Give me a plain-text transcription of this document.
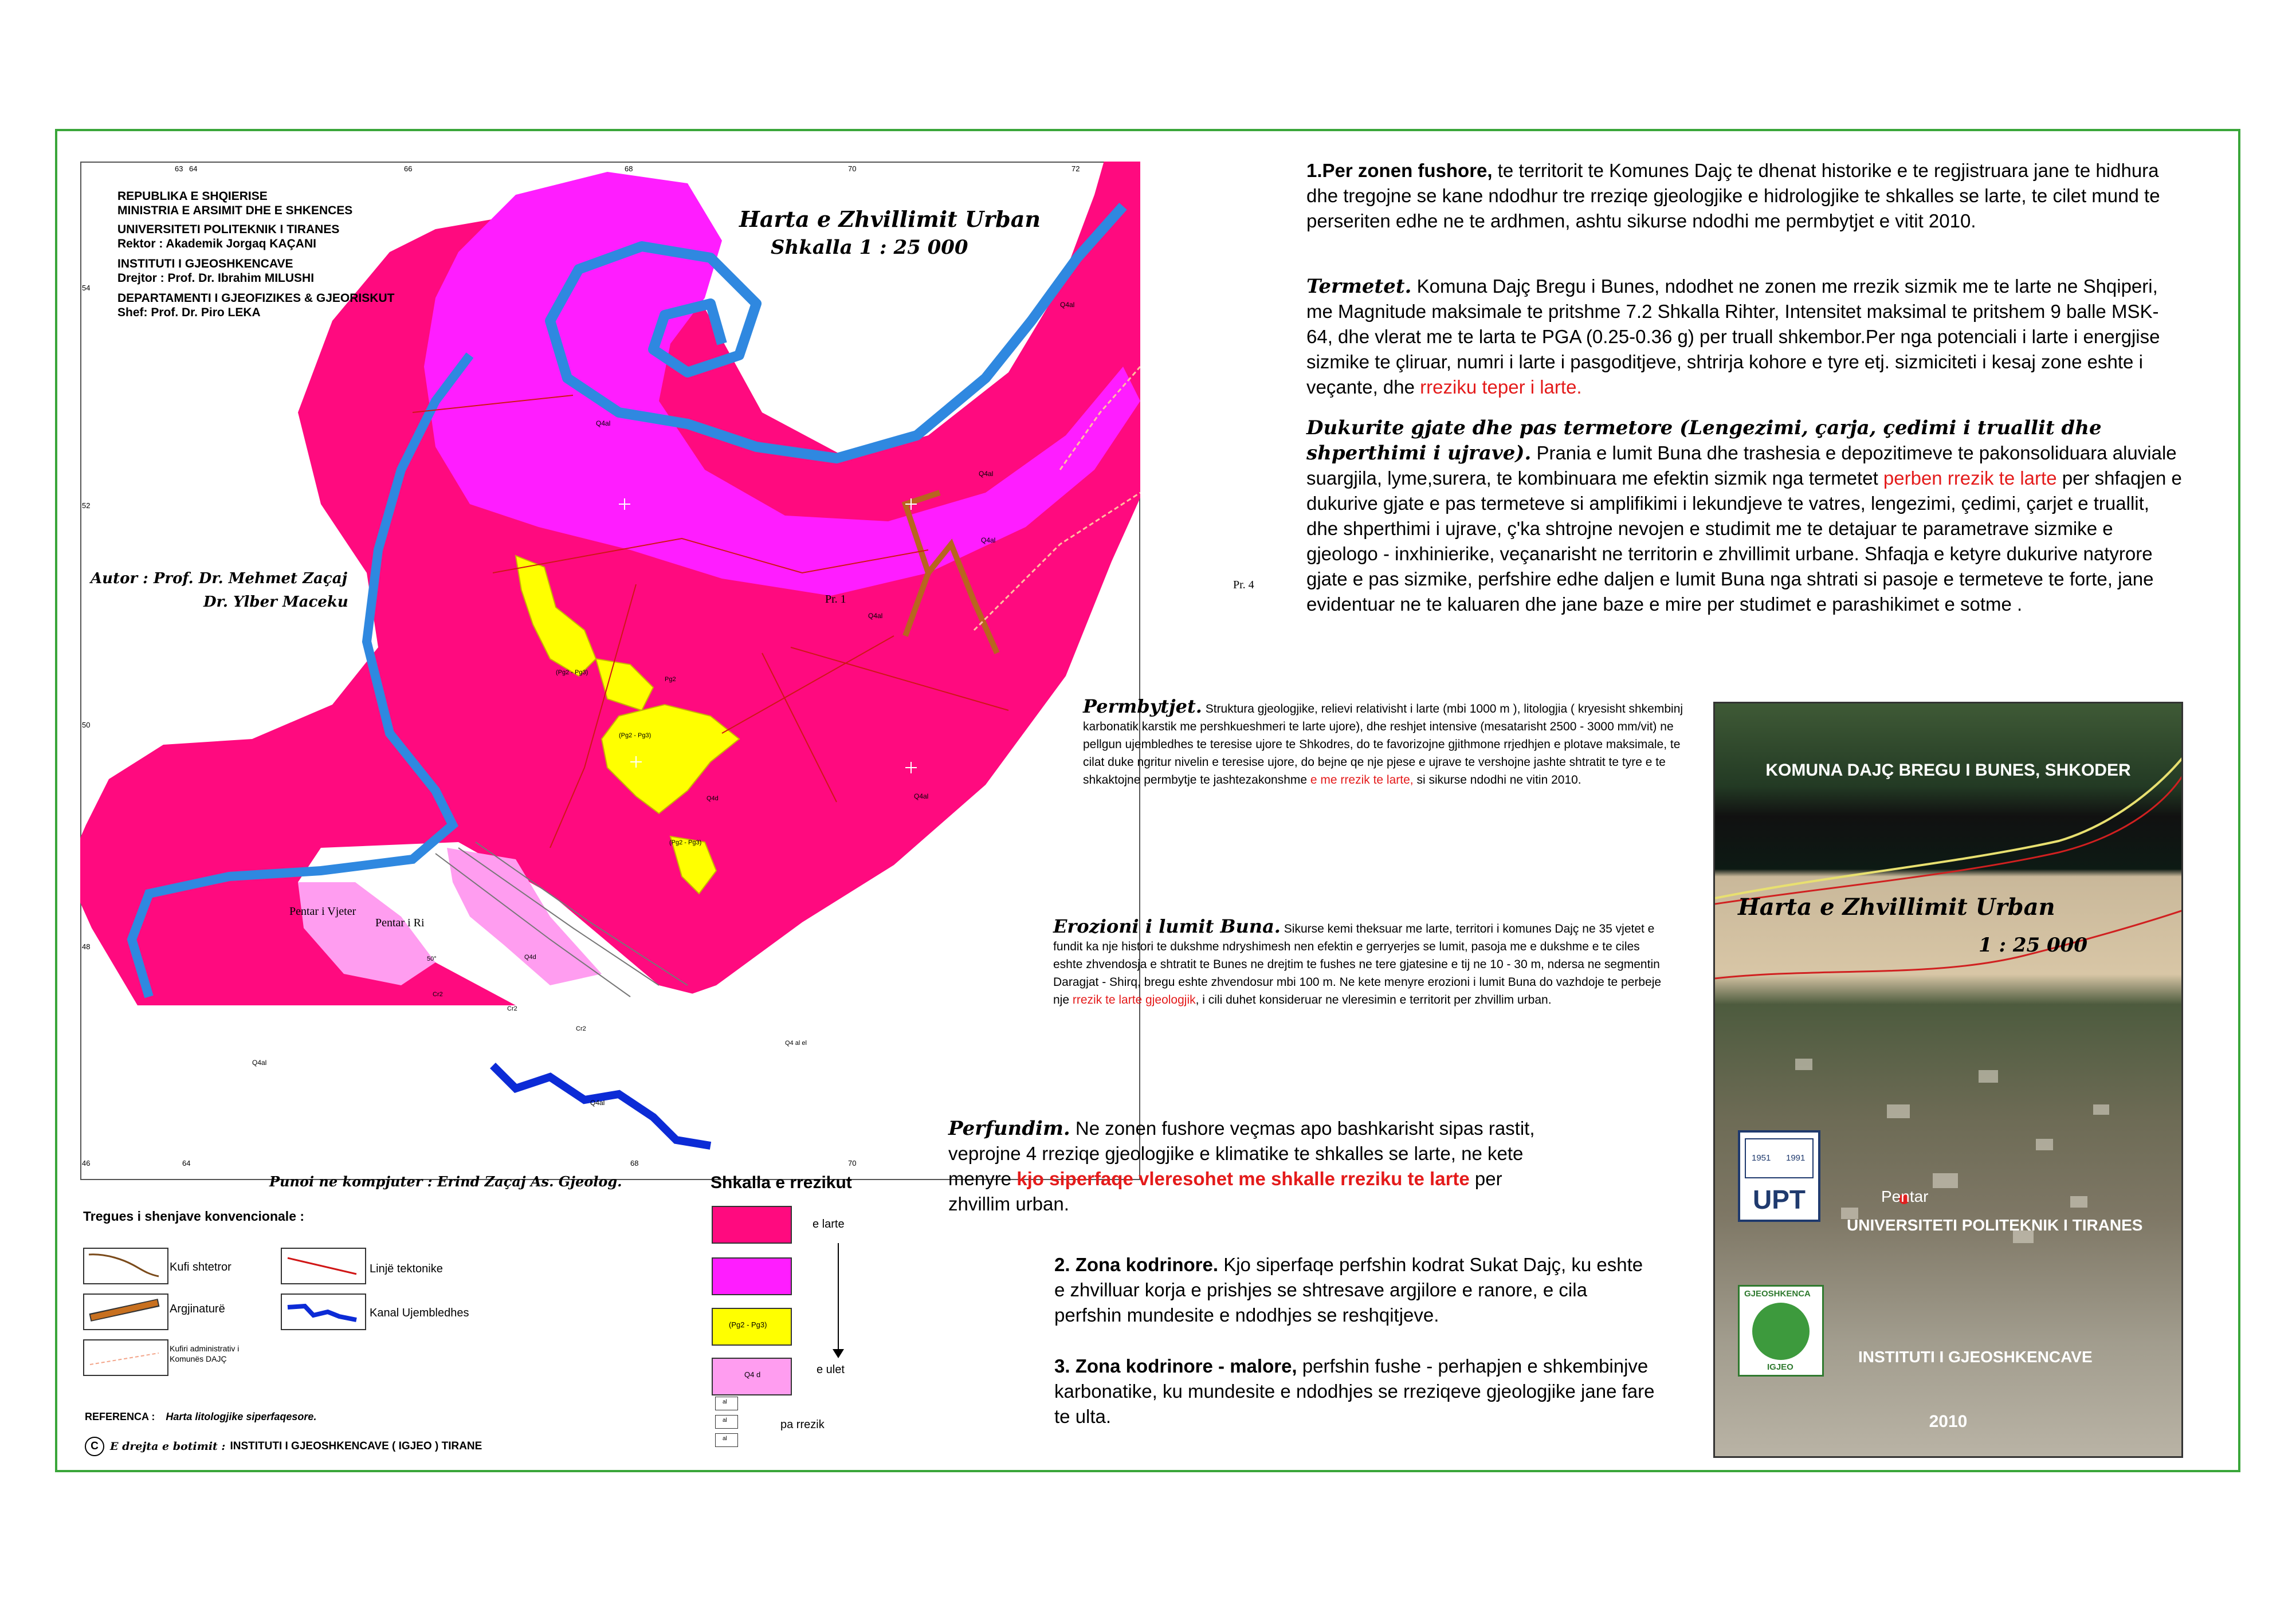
63 64	66	68	70	72
46	64	68	70
54
52
50
48
REPUBLIKA E SHQIERISE
MINISTRIA E ARSIMIT DHE E SHKENCES
UNIVERSITETI POLITEKNIK I TIRANES
Rektor : Akademik Jorgaq KAÇANI
INSTITUTI I GJEOSHKENCAVE
Drejtor : Prof. Dr. Ibrahim MILUSHI
DEPARTAMENTI I GJEOFIZIKES & GJEORISKUT
Shef: Prof. Dr. Piro LEKA
Harta e Zhvillimit Urban
Shkalla 1 : 25 000
Autor : Prof. Dr. Mehmet Zaçaj
Dr. Ylber Maceku
Pentar i Vjeter
Pentar i Ri
Pr. 1
Pr. 4
Q4al
Q4al
Q4al
Q4al
Q4al
Q4al
Q4al
Q4al
(Pg2 - Pg3)
(Pg2 - Pg3)
(Pg2 - Pg3)
Pg2
Q4d
Q4d
Cr2
Cr2
Cr2
50°
Q4 al el
Punoi ne kompjuter : Erind Zaçaj As. Gjeolog.
Tregues i shenjave konvencionale :
Kufi shtetror	Linjë tektonike
Argjinaturë	Kanal Ujembledhes
Kufiri administrativ i Komunës DAJÇ
REFERENCA : Harta litologjike siperfaqesore.
C	E drejta e botimit : INSTITUTI I GJEOSHKENCAVE ( IGJEO ) TIRANE
Shkalla e rrezikut
e larte
(Pg2 - Pg3)
Q4 d	e ulet
al
al
al
pa rrezik
1.Per zonen fushore, te territorit te Komunes Dajç te dhenat historike e te regjistruara jane te hidhura dhe tregojne se kane ndodhur tre rreziqe gjeologjike e hidrologjike te shkalles se larte, te cilet mund te perseriten edhe ne te ardhmen, ashtu sikurse ndodhi me permbytjet e vitit 2010.
Termetet. Komuna Dajç Bregu i Bunes, ndodhet ne zonen me rrezik sizmik me te larte ne Shqiperi, me Magnitude maksimale te pritshme 7.2 Shkalla Rihter, Intensitet maksimal te pritshem 9 balle MSK-64, dhe vlerat me te larta te PGA (0.25-0.36 g) per truall shkembor.Per nga potenciali i larte i energjise sizmike te çliruar, numri i larte i pasgoditjeve, shtrirja kohore e tyre etj. sizmiciteti i kesaj zone eshte i veçante, dhe rreziku teper i larte.
Dukurite gjate dhe pas termetore (Lengezimi, çarja, çedimi i truallit dhe shperthimi i ujrave). Prania e lumit Buna dhe trashesia e depozitimeve te pakonsoliduara aluviale suargjila, lyme,surera, te kombinuara me efektin sizmik nga termetet perben rrezik te larte per shfaqjen e dukurive gjate e pas termeteve si amplifikimi i lekundjeve te vatres, lengezimi, çedimi, çarjet e truallit, dhe shperthimi i ujrave, ç'ka shtrojne nevojen e studimit me te detajuar te parametrave sizmike e gjeologo - inxhinierike, veçanarisht ne territorin e zhvillimit urbane. Shfaqja e ketyre dukurive natyrore gjate e pas sizmike, perfshire edhe daljen e lumit Buna nga shtrati si pasoje e termeteve te forte, jane evidentuar ne te kaluaren dhe jane baze e mire per studimet e parashikimet e sotme .
Permbytjet. Struktura gjeologjike, relievi relativisht i larte (mbi 1000 m ), litologjia ( kryesisht shkembinj karbonatik karstik me pershkueshmeri te larte ujore), dhe reshjet intensive (mesatarisht 2500 - 3000 mm/vit) ne pellgun ujembledhes te teresise ujore te Shkodres, do te favorizojne gjithmone rrjedhjen e plotave maksimale, te cilat duke ngritur nivelin e teresise ujore, do bejne qe nje pjese e ujrave te vershojne jashte shtratit te tyre e te shkaktojne permbytje te jashtezakonshme e me rrezik te larte, si sikurse ndodhi ne vitin 2010.
Erozioni i lumit Buna. Sikurse kemi theksuar me larte, territori i komunes Dajç ne 35 vjetet e fundit ka nje histori te dukshme ndryshimesh nen efektin e gerryerjes se lumit, pasoja me e dukshme e te ciles eshte zhvendosja e shtratit te Bunes ne drejtim te fushes ne tere gjatesine e tij ne 10 - 30 m, ndersa ne segmentin Daragjat - Shirq, bregu eshte zhvendosur mbi 100 m. Ne kete menyre erozioni i lumit Buna do vazhdoje te perbeje nje rrezik te larte gjeologjik, i cili duhet konsideruar ne vleresimin e territorit per zhvillim urban.
Perfundim. Ne zonen fushore veçmas apo bashkarisht sipas rastit, veprojne 4 rreziqe gjeologjike e klimatike te shkalles se larte, ne kete menyre kjo siperfaqe vleresohet me shkalle rreziku te larte per zhvillim urban.
2. Zona kodrinore. Kjo siperfaqe perfshin kodrat Sukat Dajç, ku eshte e zhvilluar korja e prishjes se shtresave argjilore e ranore, e cila perfshin mundesite e ndodhjes se reshqitjeve.
3. Zona kodrinore - malore, perfshin fushe - perhapjen e shkembinjve karbonatike, ku mundesite e ndodhjes se rreziqeve gjeologjike jane fare te ulta.
KOMUNA DAJÇ BREGU I BUNES, SHKODER
Harta e Zhvillimit Urban
1 : 25 000
1951 1991
UPT	Pentar
UNIVERSITETI POLITEKNIK I TIRANES
GJEOSHKENCA
IGJEO
INSTITUTI I GJEOSHKENCAVE
2010
